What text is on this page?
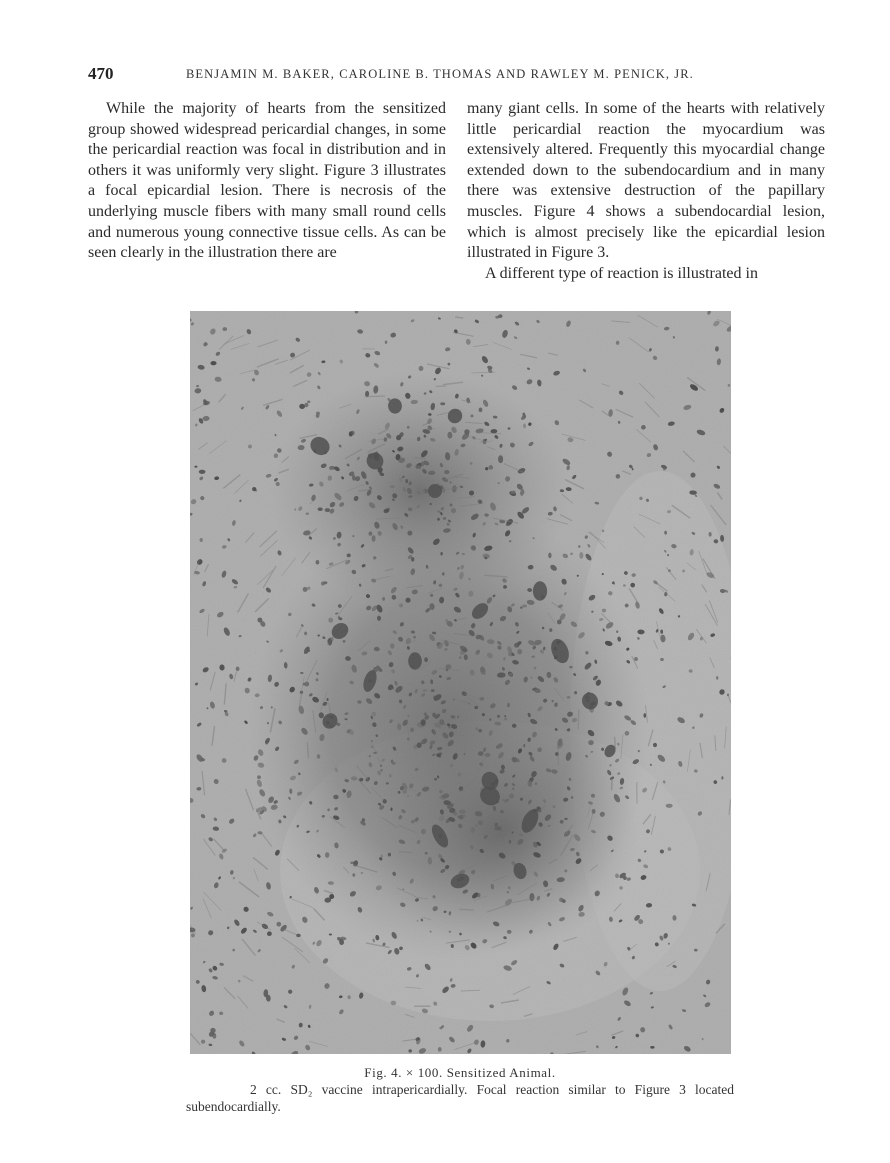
470	BENJAMIN M. BAKER, CAROLINE B. THOMAS AND RAWLEY M. PENICK, JR.

While the majority of hearts from the sensitized group showed widespread pericardial changes, in some the pericardial reaction was focal in distribution and in others it was uniformly very slight. Figure 3 illustrates a focal epicardial lesion. There is necrosis of the underlying muscle fibers with many small round cells and numerous young connective tissue cells. As can be seen clearly in the illustration there are

many giant cells. In some of the hearts with relatively little pericardial reaction the myocardium was extensively altered. Frequently this myocardial change extended down to the subendocardium and in many there was extensive destruction of the papillary muscles. Figure 4 shows a subendocardial lesion, which is almost precisely like the epicardial lesion illustrated in Figure 3.

A different type of reaction is illustrated in

Fig. 4. × 100. Sensitized Animal.
2 cc. SD₂ vaccine intrapericardially. Focal reaction similar to Figure 3 located subendocardially.
